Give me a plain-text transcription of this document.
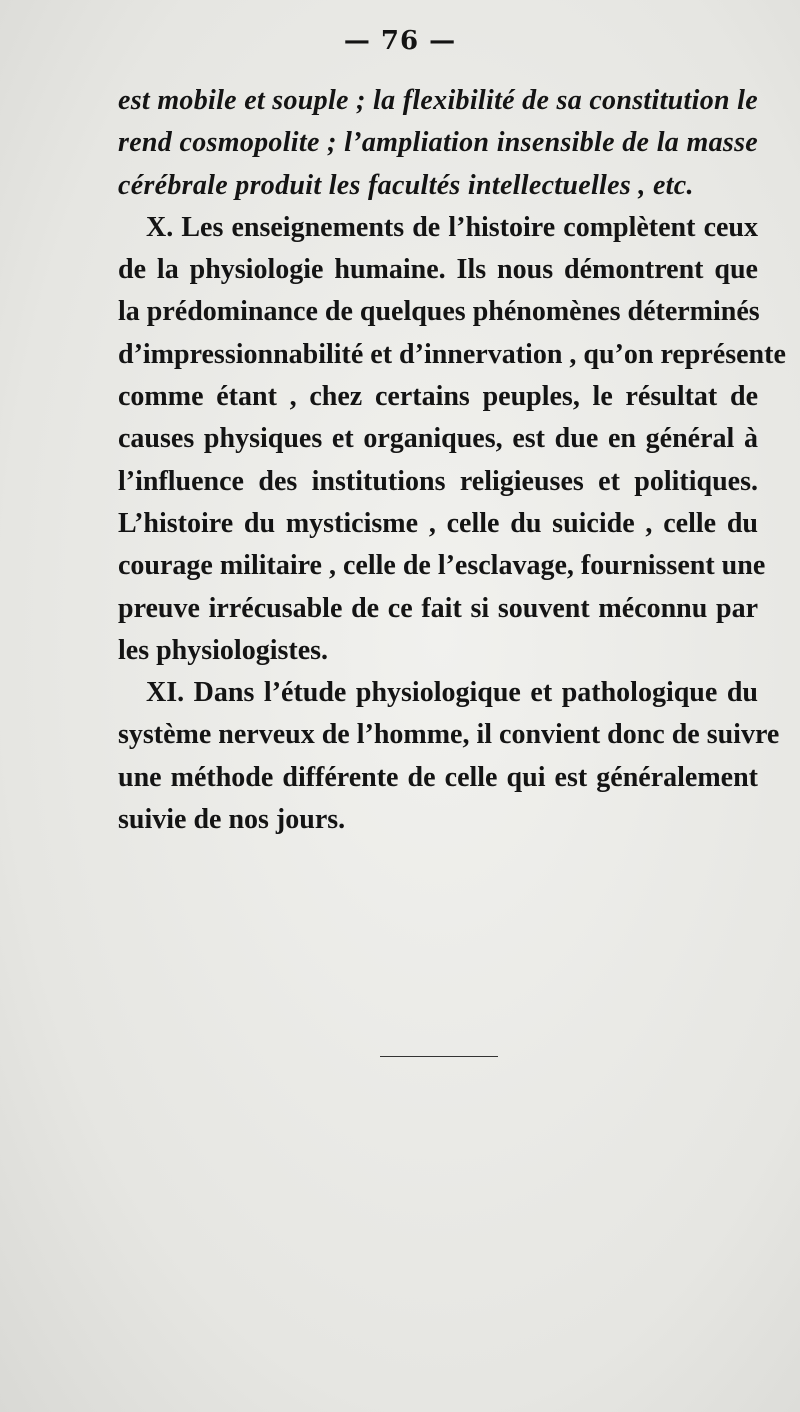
— 76 —
est mobile et souple ; la flexibilité de sa constitution le
rend cosmopolite ; l’ampliation insensible de la masse
cérébrale produit les facultés intellectuelles , etc.
X. Les enseignements de l’histoire complètent ceux
de la physiologie humaine. Ils nous démontrent que
la prédominance de quelques phénomènes déterminés
d’impressionnabilité et d’innervation , qu’on représente
comme étant , chez certains peuples, le résultat de
causes physiques et organiques, est due en général à
l’influence des institutions religieuses et politiques.
L’histoire du mysticisme , celle du suicide , celle du
courage militaire , celle de l’esclavage, fournissent une
preuve irrécusable de ce fait si souvent méconnu par
les physiologistes.
XI. Dans l’étude physiologique et pathologique du
système nerveux de l’homme, il convient donc de suivre
une méthode différente de celle qui est généralement
suivie de nos jours.
